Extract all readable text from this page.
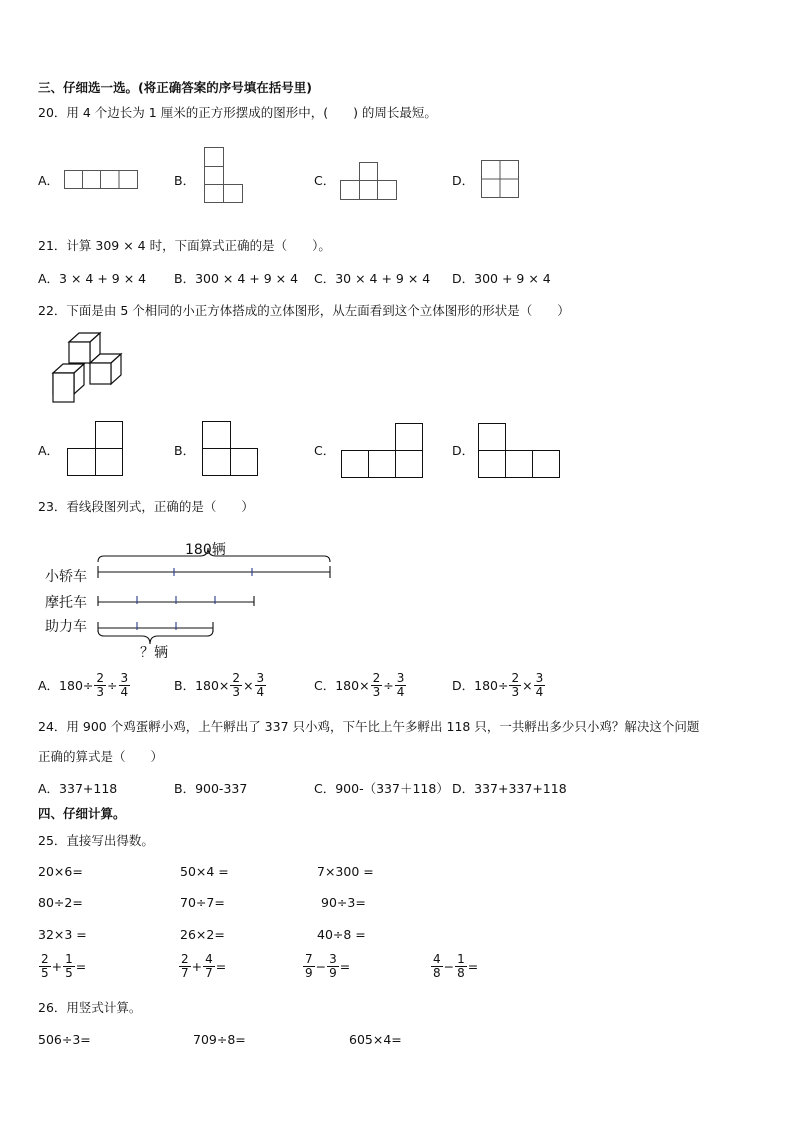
三、仔细选一选。(将正确答案的序号填在括号里)
20．用 4 个边长为 1 厘米的正方形摆成的图形中，(　　) 的周长最短。
A．	B．	C．	D．
21．计算 309 × 4 时，下面算式正确的是（　　）。
A．3 × 4 + 9 × 4 B．300 × 4 + 9 × 4 C．30 × 4 + 9 × 4 D．300 + 9 × 4
22．下面是由 5 个相同的小正方体搭成的立体图形，从左面看到这个立体图形的形状是（　　）
A．	B．	C．	D．
23．看线段图列式，正确的是（　　）
180辆
小轿车
摩托车
助力车
？辆
A．$180\div \frac{2}{3} \div \frac{3}{4}$	B．$180\times \frac{2}{3} \times \frac{3}{4}$	C．$180\times \frac{2}{3} \div \frac{3}{4}$	D．$180\div \frac{2}{3} \times \frac{3}{4}$
24．用 900 个鸡蛋孵小鸡，上午孵出了 337 只小鸡，下午比上午多孵出 118 只，一共孵出多少只小鸡？解决这个问题
正确的算式是（　　）
A．337+118	B．900-337	C．900-（337＋118） D．337+337+118
四、仔细计算。
25．直接写出得数。
20×6=	50×4 =	7×300 =
80÷2=	70÷7=	90÷3=
32×3 =	26×2=	40÷8 =
$\frac{2}{5} + \frac{1}{5}$ =	$\frac{2}{7} + \frac{4}{7}$ =	$\frac{7}{9} - \frac{3}{9}$ =	$\frac{4}{8} - \frac{1}{8}$ =
26．用竖式计算。
506÷3=	709÷8=	605×4=
